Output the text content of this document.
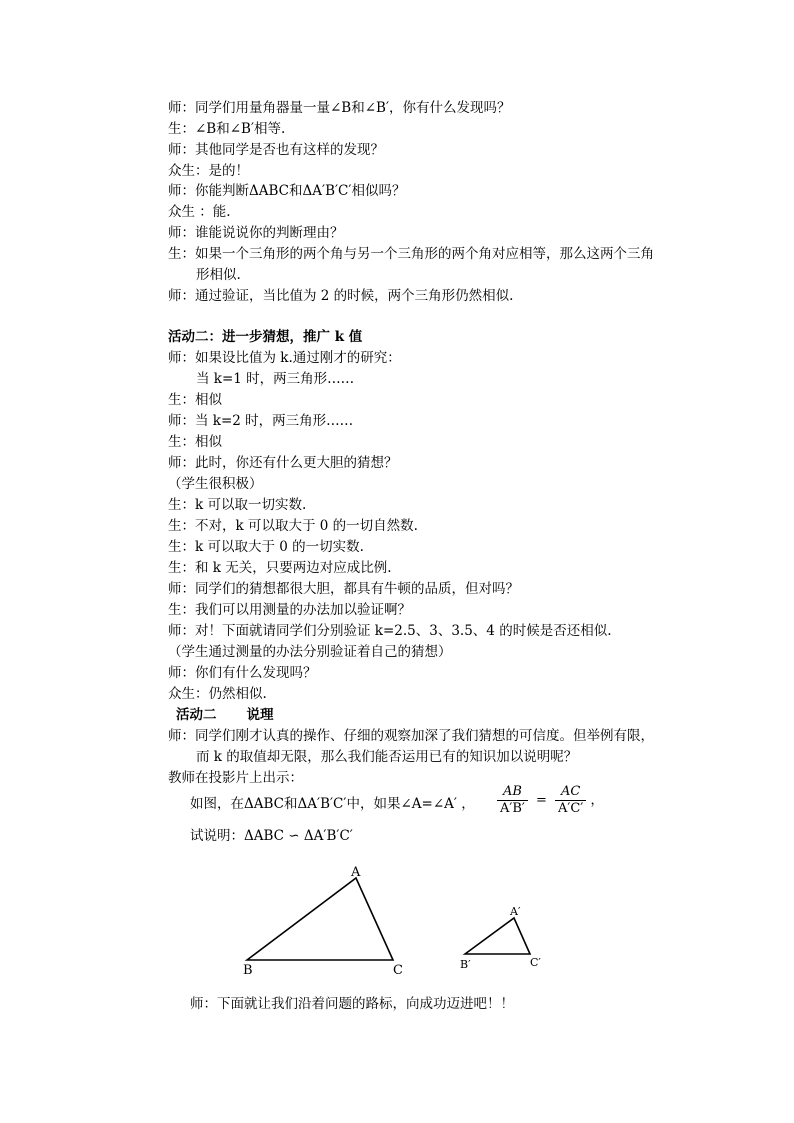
师：同学们用量角器量一量∠B和∠B′，你有什么发现吗？
生：∠B和∠B′相等.
师：其他同学是否也有这样的发现？
众生：是的！
师：你能判断ΔABC和ΔA′B′C′相似吗？
众生 ：能.
师：谁能说说你的判断理由？
生：如果一个三角形的两个角与另一个三角形的两个角对应相等，那么这两个三角
形相似.
师：通过验证，当比值为 2 的时候，两个三角形仍然相似.
活动二：进一步猜想，推广 k 值
师：如果设比值为 k.通过刚才的研究：
当 k=1 时，两三角形……
生：相似
师：当 k=2 时，两三角形……
生：相似
师：此时，你还有什么更大胆的猜想？
（学生很积极）
生：k 可以取一切实数.
生：不对，k 可以取大于 0 的一切自然数.
生：k 可以取大于 0 的一切实数.
生：和 k 无关，只要两边对应成比例.
师：同学们的猜想都很大胆，都具有牛顿的品质，但对吗？
生：我们可以用测量的办法加以验证啊？
师：对！下面就请同学们分别验证 k=2.5、3、3.5、4 的时候是否还相似.
（学生通过测量的办法分别验证着自己的猜想）
师：你们有什么发现吗？
众生：仍然相似.
活动二 说理
师：同学们刚才认真的操作、仔细的观察加深了我们猜想的可信度。但举例有限，
而 k 的取值却无限，那么我们能否运用已有的知识加以说明呢？
教师在投影片上出示：
如图，在ΔABC和ΔA′B′C′中，如果∠A=∠A′ ， $\frac{AB}{A'B'} = \frac{AC}{A'C'}$ ，
试说明：ΔABC ∽ ΔA′B′C′
A
B	C
A′
B′	C′
师：下面就让我们沿着问题的路标，向成功迈进吧！！
